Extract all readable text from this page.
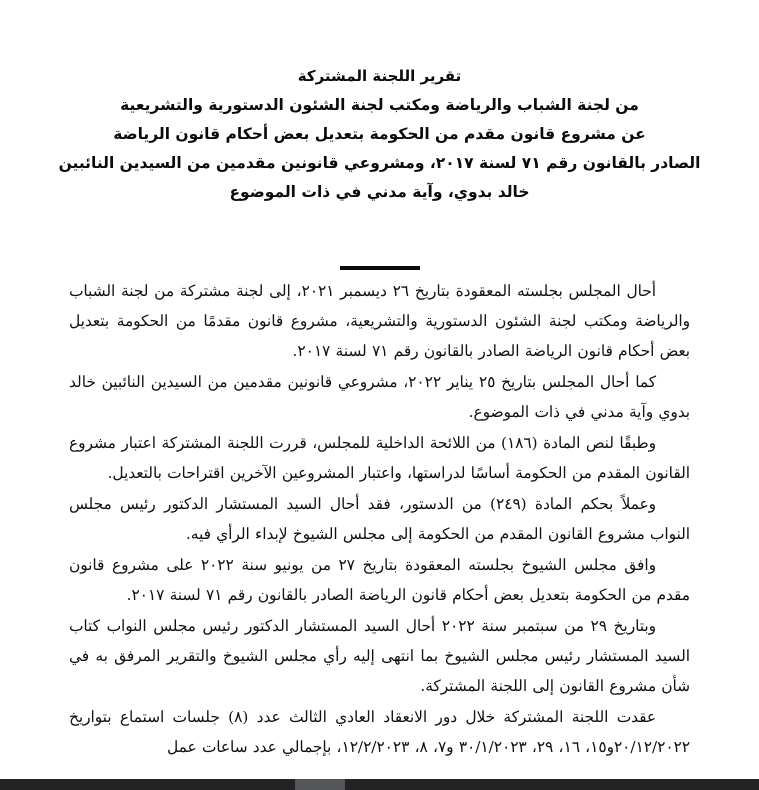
تقرير اللجنة المشتركة
من لجنة الشباب والرياضة ومكتب لجنة الشئون الدستورية والتشريعية
عن مشروع قانون مقدم من الحكومة بتعديل بعض أحكام قانون الرياضة
الصادر بالقانون رقم ٧١ لسنة ٢٠١٧، ومشروعي قانونين مقدمين من السيدين النائبين
خالد بدوي، وآية مدني في ذات الموضوع

أحال المجلس بجلسته المعقودة بتاريخ ٢٦ ديسمبر ٢٠٢١، إلى لجنة مشتركة من لجنة الشباب والرياضة ومكتب لجنة الشئون الدستورية والتشريعية، مشروع قانون مقدمًا من الحكومة بتعديل بعض أحكام قانون الرياضة الصادر بالقانون رقم ٧١ لسنة ٢٠١٧.

كما أحال المجلس بتاريخ ٢٥ يناير ٢٠٢٢، مشروعي قانونين مقدمين من السيدين النائبين خالد بدوي وآية مدني في ذات الموضوع.

وطبقًا لنص المادة (١٨٦) من اللائحة الداخلية للمجلس، قررت اللجنة المشتركة اعتبار مشروع القانون المقدم من الحكومة أساسًا لدراستها، واعتبار المشروعين الآخرين اقتراحات بالتعديل.

وعملاً بحكم المادة (٢٤٩) من الدستور، فقد أحال السيد المستشار الدكتور رئيس مجلس النواب مشروع القانون المقدم من الحكومة إلى مجلس الشيوخ لإبداء الرأي فيه.

وافق مجلس الشيوخ بجلسته المعقودة بتاريخ ٢٧ من يونيو سنة ٢٠٢٢ على مشروع قانون مقدم من الحكومة بتعديل بعض أحكام قانون الرياضة الصادر بالقانون رقم ٧١ لسنة ٢٠١٧.

وبتاريخ ٢٩ من سبتمبر سنة ٢٠٢٢ أحال السيد المستشار الدكتور رئيس مجلس النواب كتاب السيد المستشار رئيس مجلس الشيوخ بما انتهى إليه رأي مجلس الشيوخ والتقرير المرفق به في شأن مشروع القانون إلى اللجنة المشتركة.

عقدت اللجنة المشتركة خلال دور الانعقاد العادي الثالث عدد (٨) جلسات استماع بتواريخ ٢٠/١٢/٢٠٢٢و١٥، ١٦، ٢٩، ٣٠/١/٢٠٢٣ و٧، ٨، ١٢/٢/٢٠٢٣، بإجمالي عدد ساعات عمل
